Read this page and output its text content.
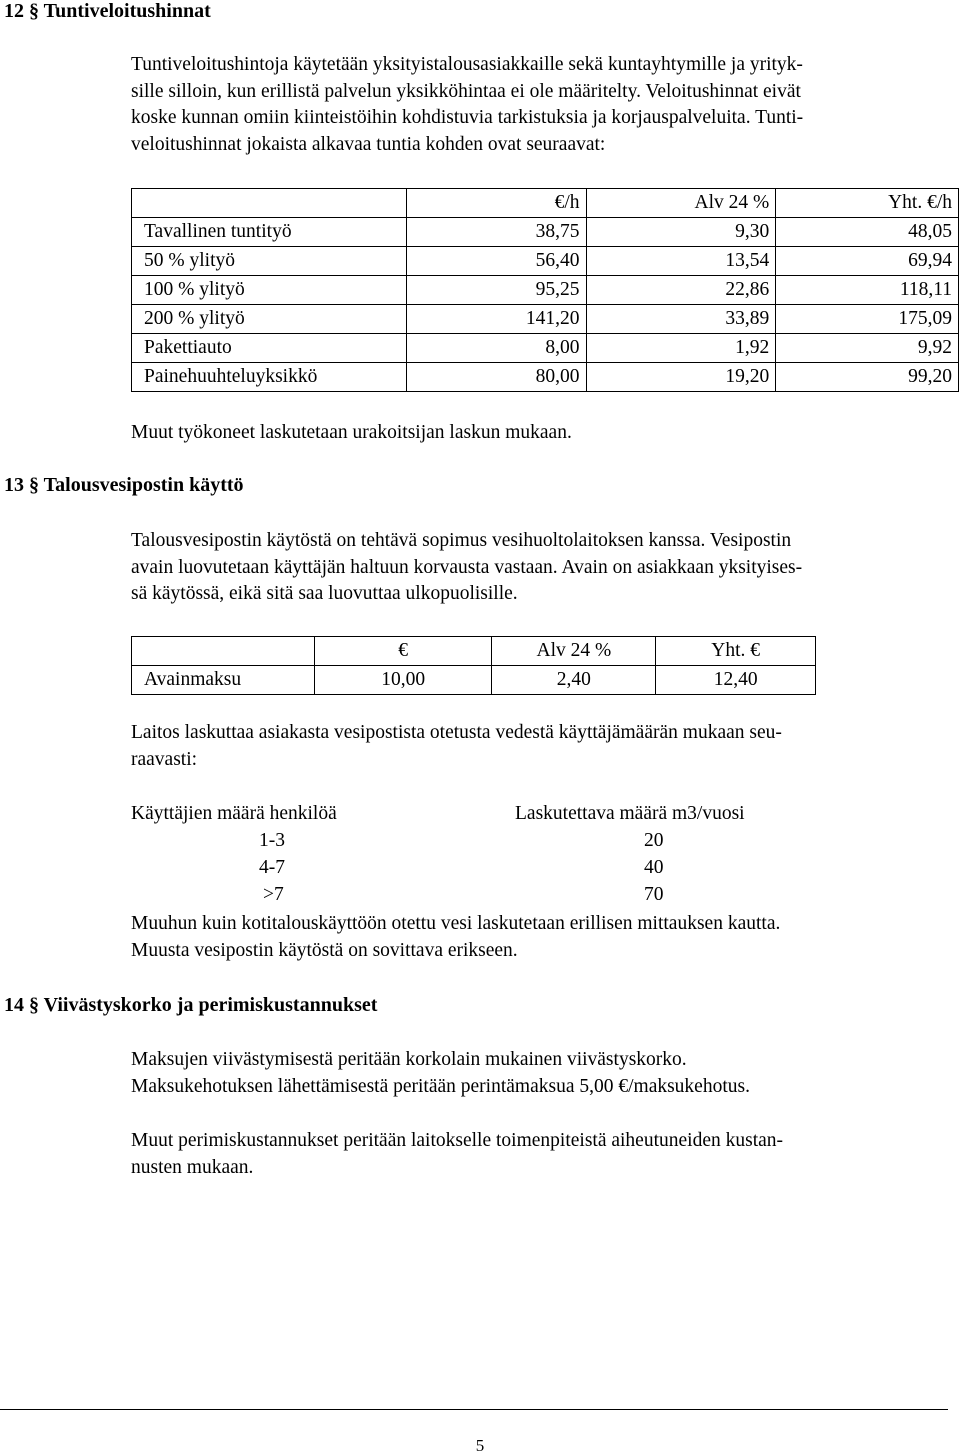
12 § Tuntiveloitushinnat

Tuntiveloitushintoja käytetään yksityistalousasiakkaille sekä kuntayhtymille ja yrityk-

sille silloin, kun erillistä palvelun yksikköhintaa ei ole määritelty. Veloitushinnat eivät

koske kunnan omiin kiinteistöihin kohdistuvia tarkistuksia ja korjauspalveluita. Tunti-

veloitushinnat jokaista alkavaa tuntia kohden ovat seuraavat:

	€/h	Alv 24 %	Yht. €/h
Tavallinen tuntityö	38,75	9,30	48,05
50 % ylityö	56,40	13,54	69,94
100 % ylityö	95,25	22,86	118,11
200 % ylityö	141,20	33,89	175,09
Pakettiauto	8,00	1,92	9,92
Painehuuhteluyksikkö	80,00	19,20	99,20
Muut työkoneet laskutetaan urakoitsijan laskun mukaan.
13 § Talousvesipostin käyttö

Talousvesipostin käytöstä on tehtävä sopimus vesihuoltolaitoksen kanssa. Vesipostin

avain luovutetaan käyttäjän haltuun korvausta vastaan. Avain on asiakkaan yksityises-

sä käytössä, eikä sitä saa luovuttaa ulkopuolisille.

	€	Alv 24 %	Yht. €
Avainmaksu	10,00	2,40	12,40

Laitos laskuttaa asiakasta vesipostista otetusta vedestä käyttäjämäärän mukaan seu-

raavasti:

Käyttäjien määrä henkilöä	Laskutettava määrä m3/vuosi
1-3	20
4-7	40
>7	70

Muuhun kuin kotitalouskäyttöön otettu vesi laskutetaan erillisen mittauksen kautta.

Muusta vesipostin käytöstä on sovittava erikseen.

14 § Viivästyskorko ja perimiskustannukset

Maksujen viivästymisestä peritään korkolain mukainen viivästyskorko.

Maksukehotuksen lähettämisestä peritään perintämaksua 5,00 €/maksukehotus.

Muut perimiskustannukset peritään laitokselle toimenpiteistä aiheutuneiden kustan-

nusten mukaan.

5
